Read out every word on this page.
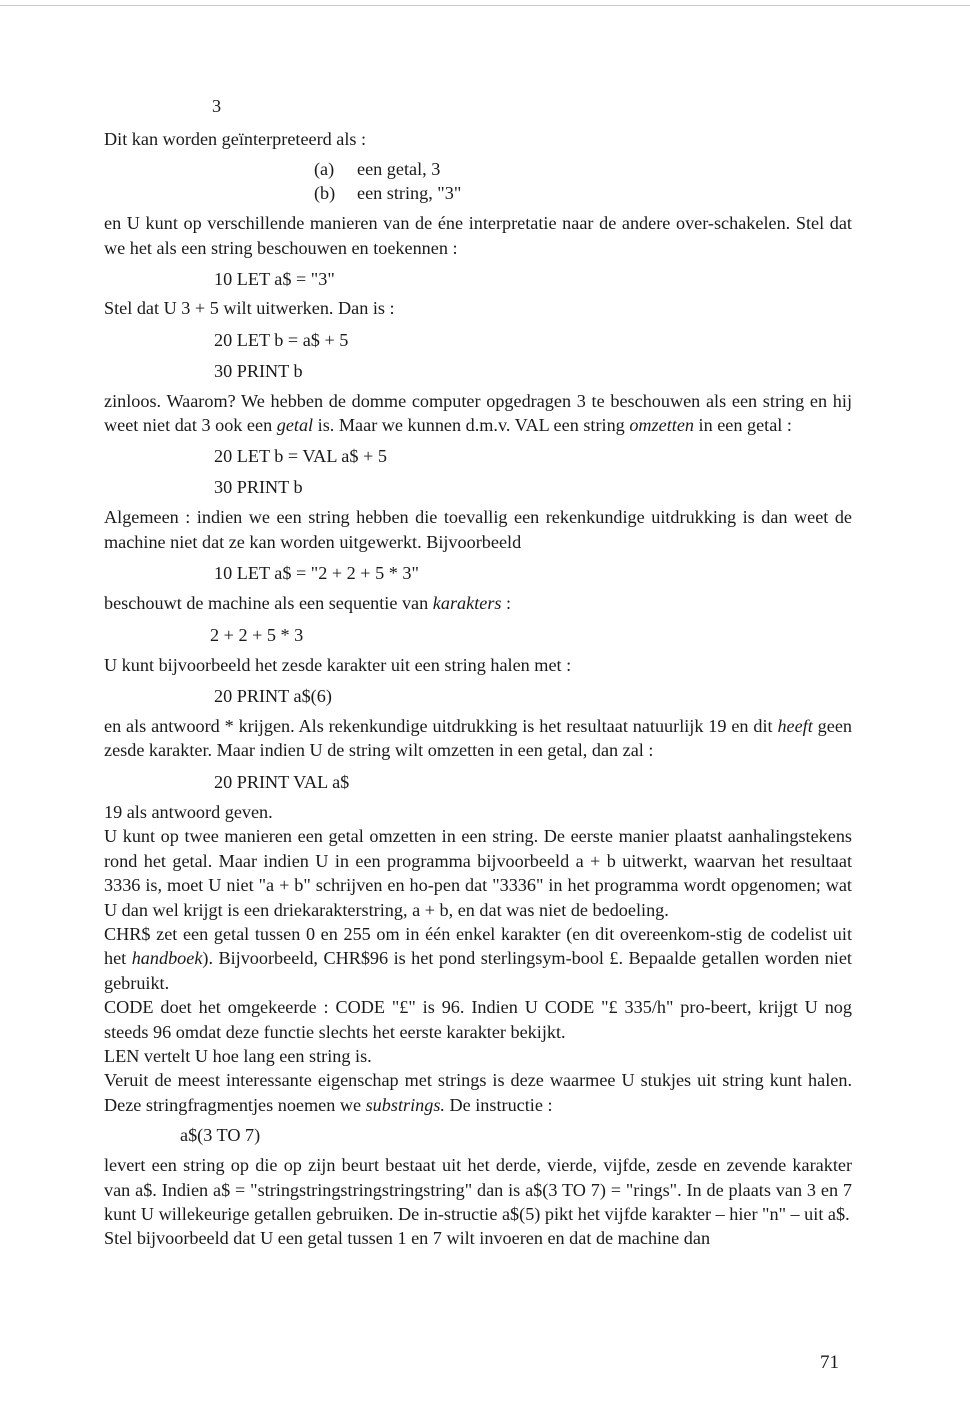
3

Dit kan worden geïnterpreteerd als :

(a) een getal, 3

(b) een string, "3"

en U kunt op verschillende manieren van de éne interpretatie naar de andere over-schakelen. Stel dat we het als een string beschouwen en toekennen :

10 LET a$ = "3"

Stel dat U 3 + 5 wilt uitwerken. Dan is :

20 LET b = a$ + 5

30 PRINT b

zinloos. Waarom? We hebben de domme computer opgedragen 3 te beschouwen als een string en hij weet niet dat 3 ook een getal is. Maar we kunnen d.m.v. VAL een string omzetten in een getal :

20 LET b = VAL a$ + 5

30 PRINT b

Algemeen : indien we een string hebben die toevallig een rekenkundige uitdrukking is dan weet de machine niet dat ze kan worden uitgewerkt. Bijvoorbeeld

10 LET a$ = "2 + 2 + 5 * 3"

beschouwt de machine als een sequentie van karakters :

2 + 2 + 5 * 3

U kunt bijvoorbeeld het zesde karakter uit een string halen met :

20 PRINT a$(6)

en als antwoord * krijgen. Als rekenkundige uitdrukking is het resultaat natuurlijk 19 en dit heeft geen zesde karakter. Maar indien U de string wilt omzetten in een getal, dan zal :

20 PRINT VAL a$

19 als antwoord geven.

U kunt op twee manieren een getal omzetten in een string. De eerste manier plaatst aanhalingstekens rond het getal. Maar indien U in een programma bijvoorbeeld a + b uitwerkt, waarvan het resultaat 3336 is, moet U niet "a + b" schrijven en ho-pen dat "3336" in het programma wordt opgenomen; wat U dan wel krijgt is een driekarakterstring, a + b, en dat was niet de bedoeling.

CHR$ zet een getal tussen 0 en 255 om in één enkel karakter (en dit overeenkom-stig de codelist uit het handboek). Bijvoorbeeld, CHR$96 is het pond sterlingsym-bool £. Bepaalde getallen worden niet gebruikt.

CODE doet het omgekeerde : CODE "£" is 96. Indien U CODE "£ 335/h" pro-beert, krijgt U nog steeds 96 omdat deze functie slechts het eerste karakter bekijkt.

LEN vertelt U hoe lang een string is.

Veruit de meest interessante eigenschap met strings is deze waarmee U stukjes uit string kunt halen. Deze stringfragmentjes noemen we substrings. De instructie :

a$(3 TO 7)

levert een string op die op zijn beurt bestaat uit het derde, vierde, vijfde, zesde en zevende karakter van a$. Indien a$ = "stringstringstringstringstring" dan is a$(3 TO 7) = "rings". In de plaats van 3 en 7 kunt U willekeurige getallen gebruiken. De in-structie a$(5) pikt het vijfde karakter – hier "n" – uit a$.

Stel bijvoorbeeld dat U een getal tussen 1 en 7 wilt invoeren en dat de machine dan

71
